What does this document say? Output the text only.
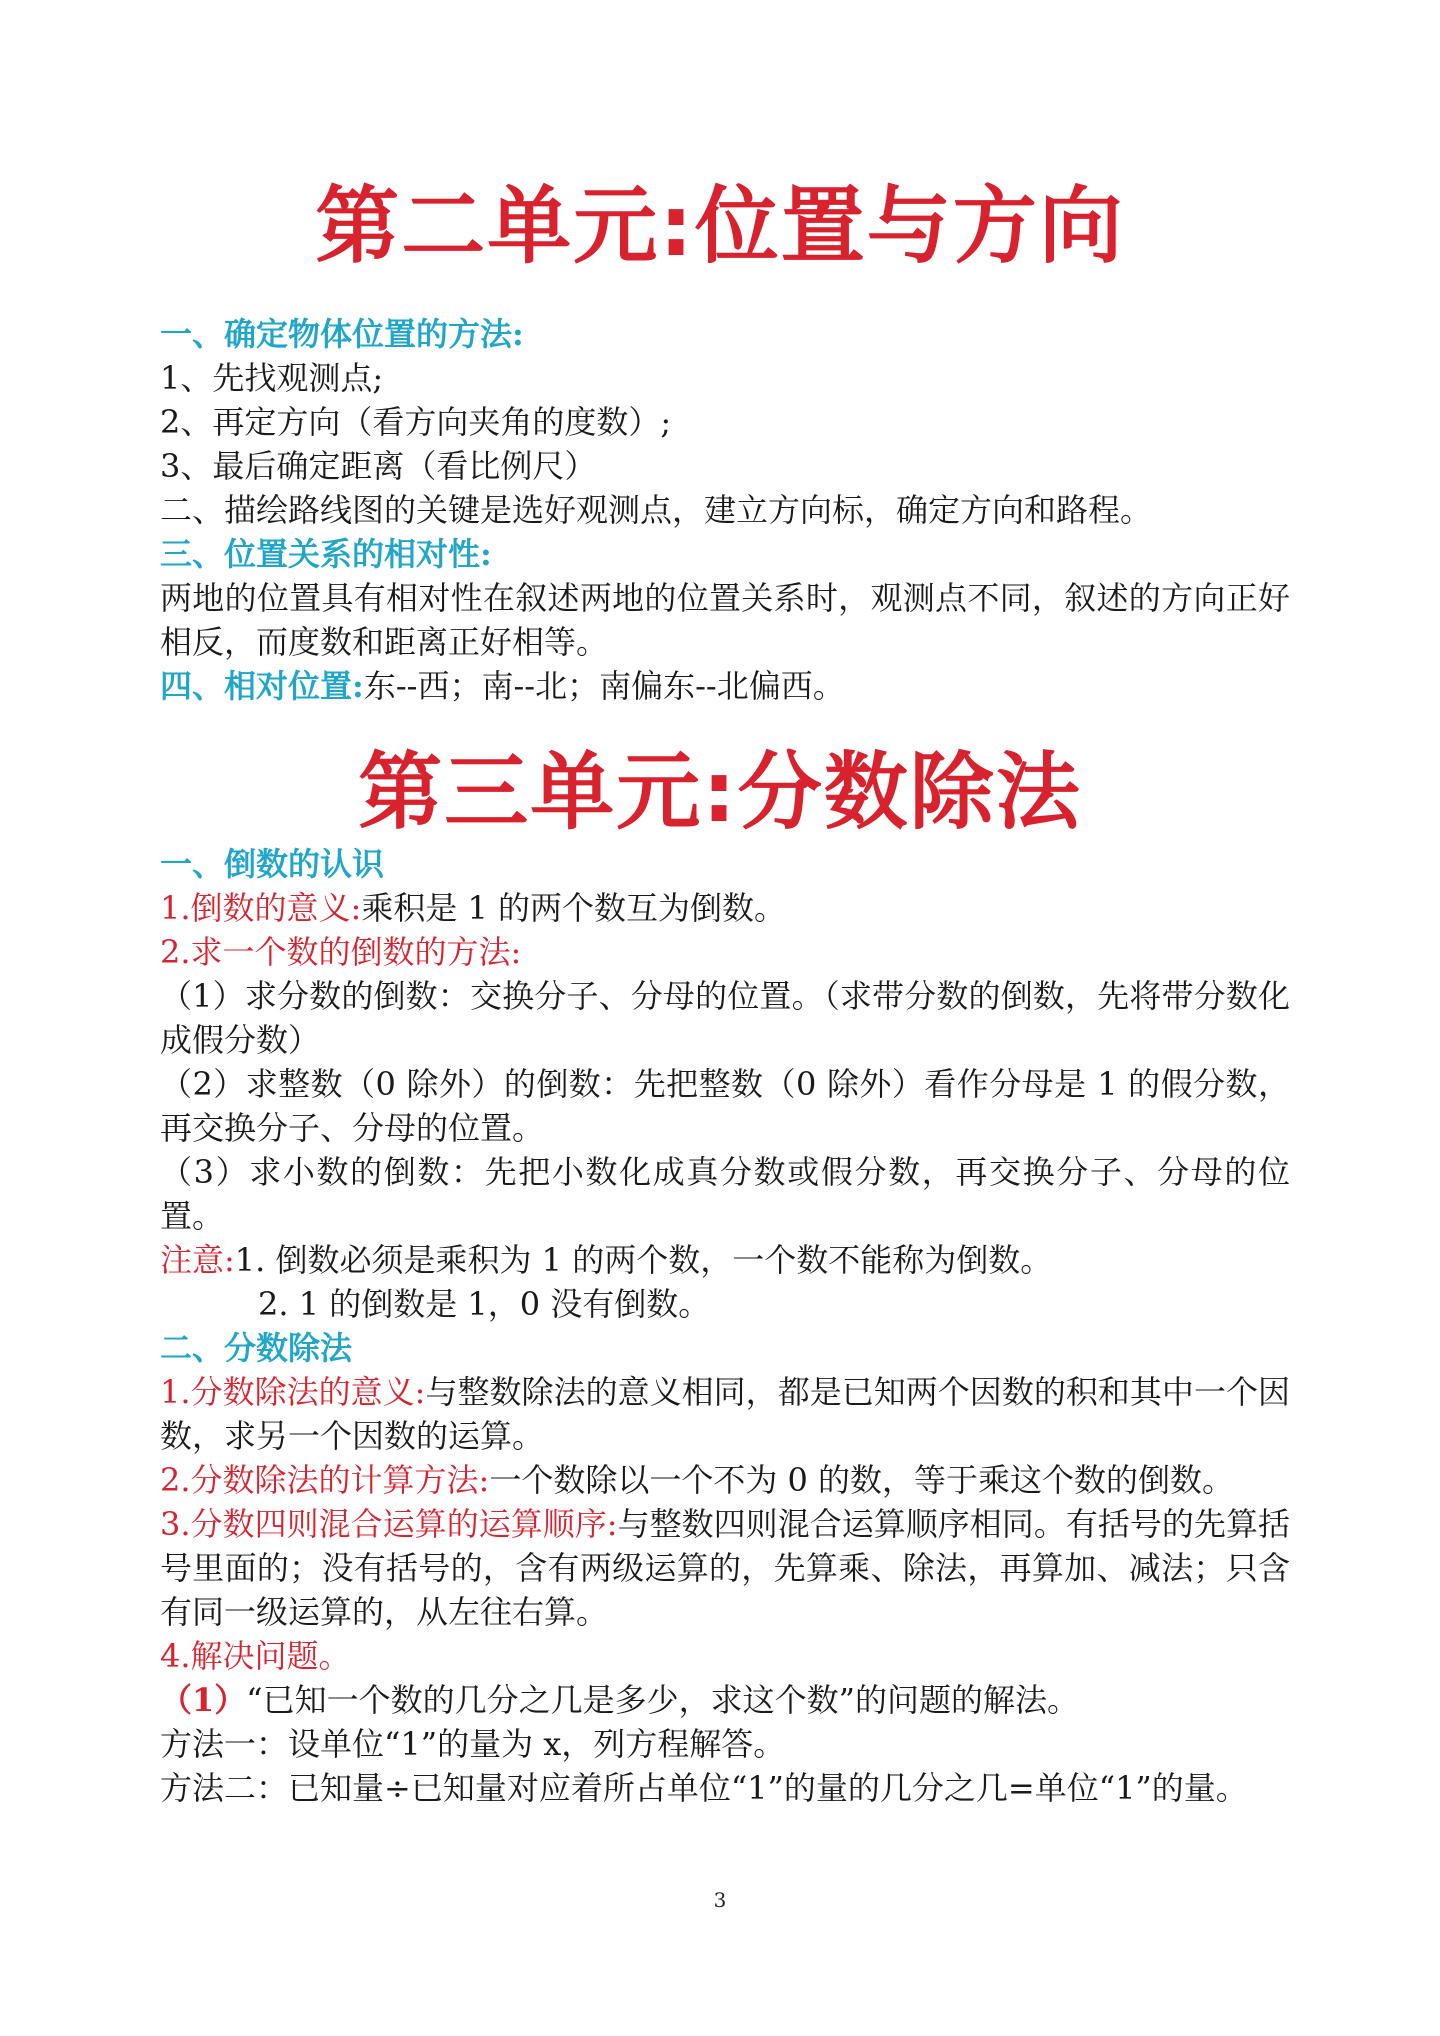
第二单元:位置与方向
一、确定物体位置的方法:
1、先找观测点;
2、再定方向（看方向夹角的度数）;
3、最后确定距离（看比例尺）
二、描绘路线图的关键是选好观测点，建立方向标，确定方向和路程。
三、位置关系的相对性:
两地的位置具有相对性在叙述两地的位置关系时，观测点不同，叙述的方向正好相反，而度数和距离正好相等。
四、相对位置:东--西；南--北；南偏东--北偏西。
第三单元:分数除法
一、倒数的认识
1.倒数的意义:乘积是 1 的两个数互为倒数。
2.求一个数的倒数的方法:
（1）求分数的倒数：交换分子、分母的位置。（求带分数的倒数，先将带分数化成假分数）
（2）求整数（0 除外）的倒数：先把整数（0 除外）看作分母是 1 的假分数，再交换分子、分母的位置。
（3）求小数的倒数：先把小数化成真分数或假分数，再交换分子、分母的位置。
注意:1. 倒数必须是乘积为 1 的两个数，一个数不能称为倒数。
2. 1 的倒数是 1，0 没有倒数。
二、分数除法
1.分数除法的意义:与整数除法的意义相同，都是已知两个因数的积和其中一个因数，求另一个因数的运算。
2.分数除法的计算方法:一个数除以一个不为 0 的数，等于乘这个数的倒数。
3.分数四则混合运算的运算顺序:与整数四则混合运算顺序相同。有括号的先算括号里面的；没有括号的，含有两级运算的，先算乘、除法，再算加、减法；只含有同一级运算的，从左往右算。
4.解决问题。
（1）“已知一个数的几分之几是多少，求这个数”的问题的解法。
方法一：设单位“1”的量为 x，列方程解答。
方法二：已知量÷已知量对应着所占单位“1”的量的几分之几=单位“1”的量。
3
